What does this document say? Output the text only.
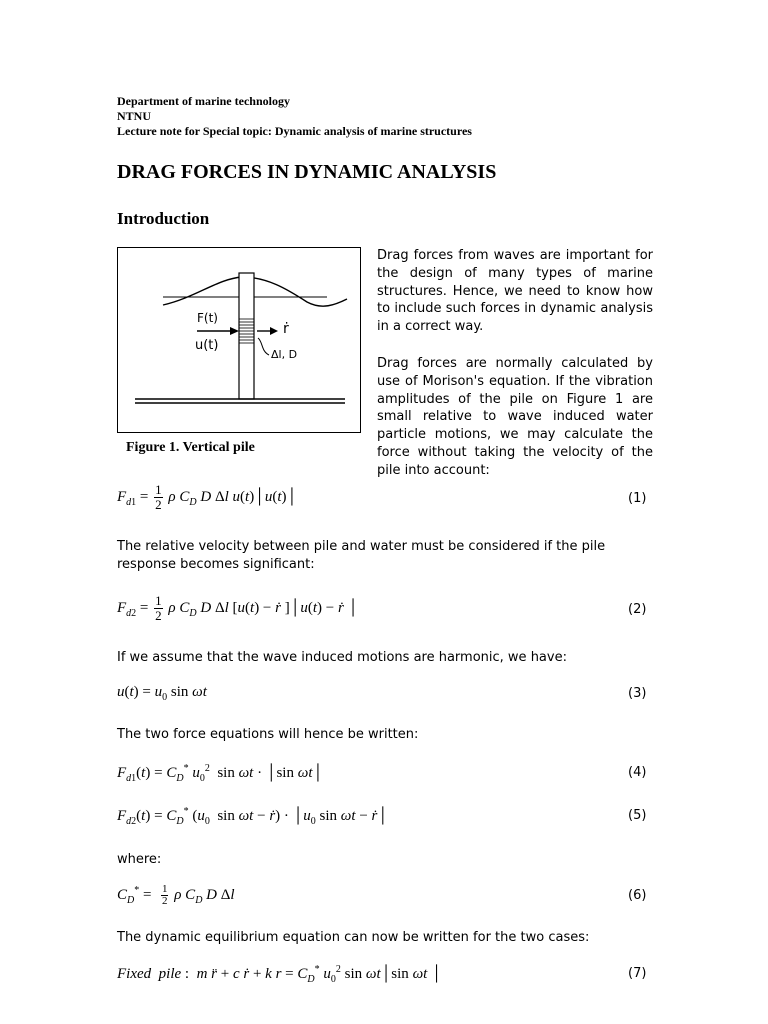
Department of marine technology
NTNU
Lecture note for Special topic: Dynamic analysis of marine structures
DRAG FORCES IN DYNAMIC ANALYSIS
Introduction
F(t)
u(t)
ṙ
Δl, D
Figure 1. Vertical pile
Drag forces from waves are important for the design of many types of marine structures. Hence, we need to know how to include such forces in dynamic analysis in a correct way.
Drag forces are normally calculated by use of Morison's equation. If the vibration amplitudes of the pile on Figure 1 are small relative to wave induced water particle motions, we may calculate the force without taking the velocity of the pile into account:
$F_{d1} = \frac{1}{2}$ ρ $C_D$ D Δl u(t)│u(t)│	(1)
The relative velocity between pile and water must be considered if the pile response becomes significant:
$F_{d2} = \frac{1}{2}$ ρ $C_D$ D Δl [u(t) − ṙ ]│u(t) − ṙ │	(2)
If we assume that the wave induced motions are harmonic, we have:
$u(t) = u_0$ sin ωt	(3)
The two force equations will hence be written:
$F_{d1}(t) = C_D^*$ $u_0^2$  sin ωt · │sin ωt│	(4)
$F_{d2}(t) = C_D^*$ ($u_0$  sin ωt − ṙ) · $│u_0$ sin ωt − ṙ│	(5)
where:
$C_D^* = \frac{1}{2}$ ρ $C_D$ D Δl	(6)
The dynamic equilibrium equation can now be written for the two cases:
Fixed  pile :  m r̈ + c ṙ + k $r = C_D^*$ $u_0^2$ sin ωt│sin ωt │	(7)
